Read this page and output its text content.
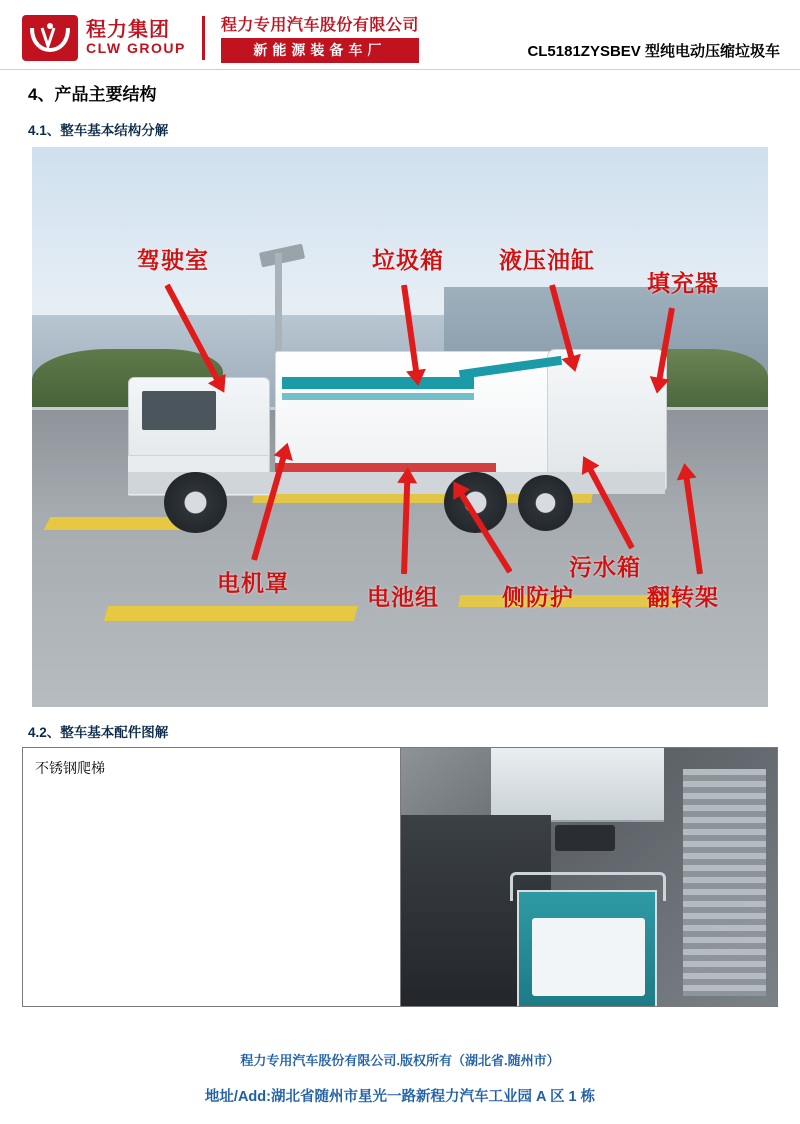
程力集团
CLW GROUP
程力专用汽车股份有限公司
新能源装备车厂	CL5181ZYSBEV 型纯电动压缩垃圾车
4、产品主要结构
4.1、整车基本结构分解
驾驶室	垃圾箱 液压油缸
填充器
电机罩
电池组	侧防护
污水箱
翻转架
4.2、整车基本配件图解
不锈钢爬梯	
程力专用汽车股份有限公司.版权所有（湖北省.随州市）
地址/Add:湖北省随州市星光一路新程力汽车工业园 A 区 1 栋
